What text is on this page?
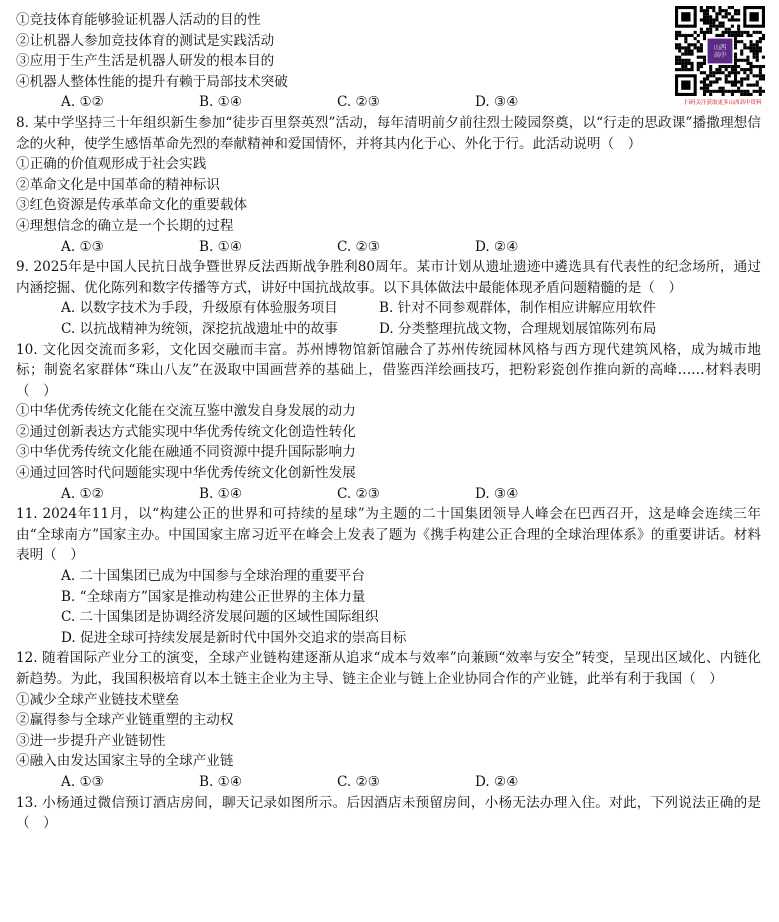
①竞技体育能够验证机器人活动的目的性
②让机器人参加竞技体育的测试是实践活动
③应用于生产生活是机器人研发的根本目的
④机器人整体性能的提升有赖于局部技术突破
A. ①②	B. ①④	C. ②③	D. ③④
8. 某中学坚持三十年组织新生参加“徒步百里祭英烈”活动，每年清明前夕前往烈士陵园祭奠，以“行走的思政课”播撒理想信念的火种，使学生感悟革命先烈的奉献精神和爱国情怀，并将其内化于心、外化于行。此活动说明（　）
①正确的价值观形成于社会实践
②革命文化是中国革命的精神标识
③红色资源是传承革命文化的重要载体
④理想信念的确立是一个长期的过程
A. ①③	B. ①④	C. ②③	D. ②④
9. 2025年是中国人民抗日战争暨世界反法西斯战争胜利80周年。某市计划从遗址遗迹中遴选具有代表性的纪念场所，通过内涵挖掘、优化陈列和数字传播等方式，讲好中国抗战故事。以下具体做法中最能体现矛盾问题精髓的是（　）
A. 以数字技术为手段，升级原有体验服务项目	B. 针对不同参观群体，制作相应讲解应用软件
C. 以抗战精神为统领，深挖抗战遗址中的故事	D. 分类整理抗战文物，合理规划展馆陈列布局
10. 文化因交流而多彩，文化因交融而丰富。苏州博物馆新馆融合了苏州传统园林风格与西方现代建筑风格，成为城市地标；制瓷名家群体“珠山八友”在汲取中国画营养的基础上，借鉴西洋绘画技巧，把粉彩瓷创作推向新的高峰……材料表明（　）
①中华优秀传统文化能在交流互鉴中激发自身发展的动力
②通过创新表达方式能实现中华优秀传统文化创造性转化
③中华优秀传统文化能在融通不同资源中提升国际影响力
④通过回答时代问题能实现中华优秀传统文化创新性发展
A. ①②	B. ①④	C. ②③	D. ③④
11. 2024年11月，以“构建公正的世界和可持续的星球”为主题的二十国集团领导人峰会在巴西召开，这是峰会连续三年由“全球南方”国家主办。中国国家主席习近平在峰会上发表了题为《携手构建公正合理的全球治理体系》的重要讲话。材料表明（　）
A. 二十国集团已成为中国参与全球治理的重要平台
B. “全球南方”国家是推动构建公正世界的主体力量
C. 二十国集团是协调经济发展问题的区域性国际组织
D. 促进全球可持续发展是新时代中国外交追求的崇高目标
12. 随着国际产业分工的演变，全球产业链构建逐渐从追求“成本与效率”向兼顾“效率与安全”转变，呈现出区域化、内链化新趋势。为此，我国积极培育以本土链主企业为主导、链主企业与链上企业协同合作的产业链，此举有利于我国（　）
①减少全球产业链技术壁垒
②赢得参与全球产业链重塑的主动权
③进一步提升产业链韧性
④融入由发达国家主导的全球产业链
A. ①③	B. ①④	C. ②③	D. ②④
13. 小杨通过微信预订酒店房间，聊天记录如图所示。后因酒店未预留房间，小杨无法办理入住。对此，下列说法正确的是（　）
山西
高中
扫码关注获取更多山西高中资料
